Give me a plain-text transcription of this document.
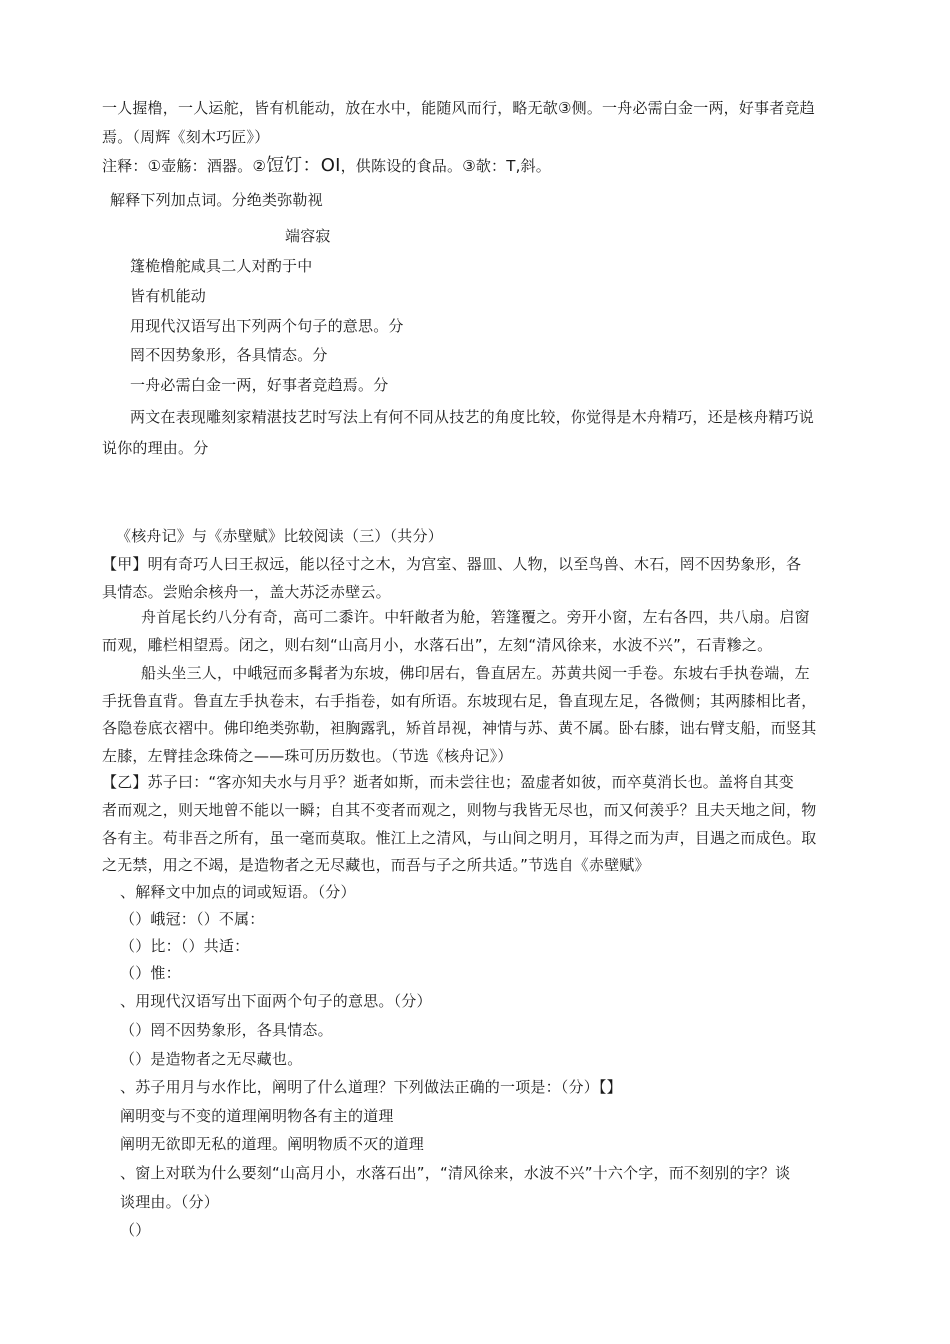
一人握橹，一人运舵，皆有机能动，放在水中，能随风而行，略无欹③侧。一舟必需白金一两，好事者竞趋
焉。（周辉《刻木巧匠》）
注释：①壶觞：酒器。②饾饤：OI，供陈设的食品。③欹：T,斜。
解释下列加点词。分绝类弥勒视
端容寂
篷桅橹舵咸具二人对酌于中
皆有机能动
用现代汉语写出下列两个句子的意思。分
罔不因势象形，各具情态。分
一舟必需白金一两，好事者竞趋焉。分
两文在表现雕刻家精湛技艺时写法上有何不同从技艺的角度比较，你觉得是木舟精巧，还是核舟精巧说
说你的理由。分
《核舟记》与《赤壁赋》比较阅读（三）（共分）
【甲】明有奇巧人曰王叔远，能以径寸之木，为宫室、器皿、人物，以至鸟兽、木石，罔不因势象形，各
具情态。尝贻余核舟一，盖大苏泛赤壁云。
舟首尾长约八分有奇，高可二黍许。中轩敞者为舱，箬篷覆之。旁开小窗，左右各四，共八扇。启窗
而观，雕栏相望焉。闭之，则右刻“山高月小，水落石出”，左刻“清风徐来，水波不兴”，石青糁之。
船头坐三人，中峨冠而多髯者为东坡，佛印居右，鲁直居左。苏黄共阅一手卷。东坡右手执卷端，左
手抚鲁直背。鲁直左手执卷末，右手指卷，如有所语。东坡现右足，鲁直现左足，各微侧；其两膝相比者，
各隐卷底衣褶中。佛印绝类弥勒，袒胸露乳，矫首昂视，神情与苏、黄不属。卧右膝，诎右臂支船，而竖其
左膝，左臂挂念珠倚之——珠可历历数也。（节选《核舟记》）
【乙】苏子曰：“客亦知夫水与月乎？逝者如斯，而未尝往也；盈虚者如彼，而卒莫消长也。盖将自其变
者而观之，则天地曾不能以一瞬；自其不变者而观之，则物与我皆无尽也，而又何羡乎？且夫天地之间，物
各有主。苟非吾之所有，虽一毫而莫取。惟江上之清风，与山间之明月，耳得之而为声，目遇之而成色。取
之无禁，用之不竭，是造物者之无尽藏也，而吾与子之所共适。”节选自《赤壁赋》
、解释文中加点的词或短语。（分）
（）峨冠：（）不属：
（）比：（）共适：
（）惟：
、用现代汉语写出下面两个句子的意思。（分）
（）罔不因势象形，各具情态。
（）是造物者之无尽藏也。
、苏子用月与水作比，阐明了什么道理？下列做法正确的一项是：（分）【】
阐明变与不变的道理阐明物各有主的道理
阐明无欲即无私的道理。阐明物质不灭的道理
、窗上对联为什么要刻“山高月小，水落石出”，“清风徐来，水波不兴”十六个字，而不刻别的字？谈
谈理由。（分）
（）
